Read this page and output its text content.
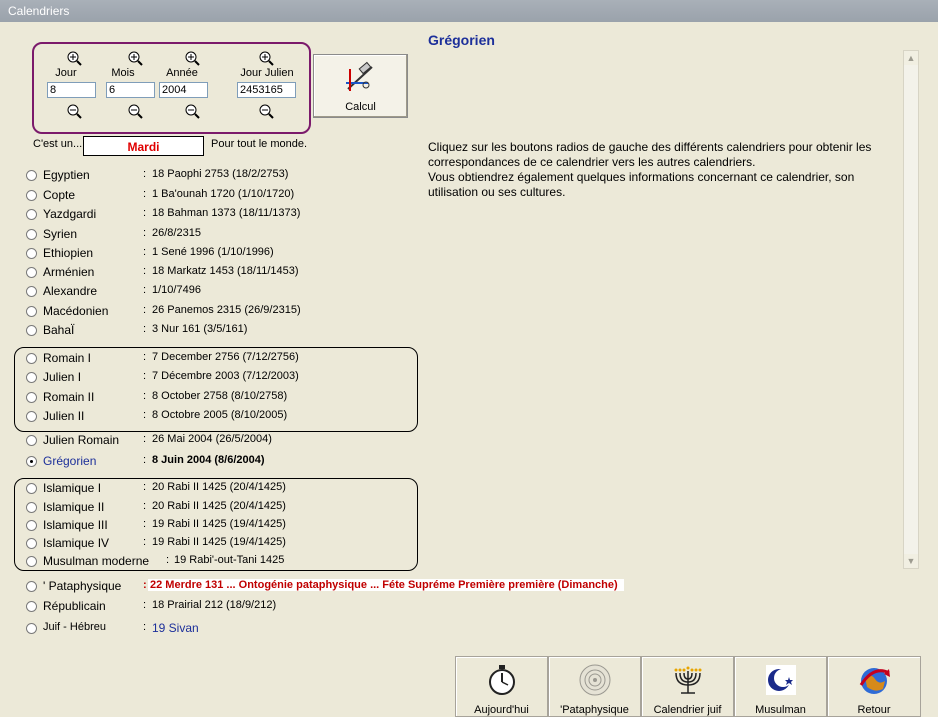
Calendriers
Jour	Mois	Année	Jour Julien
8
6
2004
2453165
Calcul
C'est un...	Mardi	Pour tout le monde.
Egyptien	: 18 Paophi 2753 (18/2/2753)
Copte	: 1 Ba'ounah 1720 (1/10/1720)
Yazdgardi	: 18 Bahman 1373 (18/11/1373)
Syrien	: 26/8/2315
Ethiopien	: 1 Sené 1996 (1/10/1996)
Arménien	: 18 Markatz 1453 (18/11/1453)
Alexandre	: 1/10/7496
Macédonien	: 26 Panemos 2315 (26/9/2315)
BahaÏ	: 3 Nur 161 (3/5/161)
Romain I	: 7 December 2756 (7/12/2756)
Julien I	: 7 Décembre 2003 (7/12/2003)
Romain II	: 8 October 2758 (8/10/2758)
Julien II	: 8 Octobre 2005 (8/10/2005)
Julien Romain : 26 Mai 2004 (26/5/2004)
Grégorien	: 8 Juin 2004 (8/6/2004)
Islamique I	: 20 Rabi II 1425 (20/4/1425)
Islamique II	: 20 Rabi II 1425 (20/4/1425)
Islamique III	: 19 Rabi II 1425 (19/4/1425)
Islamique IV	: 19 Rabi II 1425 (19/4/1425)
Musulman moderne : 19 Rabi'-out-Tani 1425
' Pataphysique : 22 Merdre 131 ... Ontogénie pataphysique ... Féte Supréme Première première (Dimanche)
Républicain	: 18 Prairial 212 (18/9/212)
Juif - Hébreu	: 19 Sivan
Grégorien
Cliquez sur les boutons radios de gauche des différents calendriers pour obtenir les correspondances de ce calendrier vers les autres calendriers.
Vous obtiendrez également quelques informations concernant ce calendrier, son utilisation ou ses cultures.
▲
▼
Aujourd'hui	'Pataphysique	Calendrier juif	Musulman	Retour
